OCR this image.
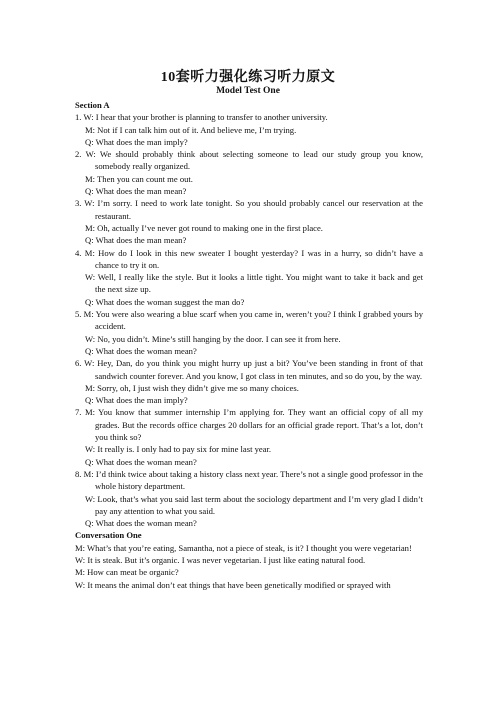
10套听力强化练习听力原文
Model Test One
Section A
1. W: I hear that your brother is planning to transfer to another university.
M: Not if I can talk him out of it. And believe me, I’m trying.
Q: What does the man imply?
2. W: We should probably think about selecting someone to lead our study group you know, somebody really organized.
M: Then you can count me out.
Q: What does the man mean?
3. W: I’m sorry. I need to work late tonight. So you should probably cancel our reservation at the restaurant.
M: Oh, actually I’ve never got round to making one in the first place.
Q: What does the man mean?
4. M: How do I look in this new sweater I bought yesterday? I was in a hurry, so didn’t have a chance to try it on.
W: Well, I really like the style. But it looks a little tight. You might want to take it back and get the next size up.
Q: What does the woman suggest the man do?
5. M: You were also wearing a blue scarf when you came in, weren’t you? I think I grabbed yours by accident.
W: No, you didn’t. Mine’s still hanging by the door. I can see it from here.
Q: What does the woman mean?
6. W: Hey, Dan, do you think you might hurry up just a bit? You’ve been standing in front of that sandwich counter forever. And you know, I got class in ten minutes, and so do you, by the way.
M: Sorry, oh, I just wish they didn’t give me so many choices.
Q: What does the man imply?
7. M: You know that summer internship I’m applying for. They want an official copy of all my grades. But the records office charges 20 dollars for an official grade report. That’s a lot, don’t you think so?
W: It really is. I only had to pay six for mine last year.
Q: What does the woman mean?
8. M: I’d think twice about taking a history class next year. There’s not a single good professor in the whole history department.
W: Look, that’s what you said last term about the sociology department and I’m very glad I didn’t pay any attention to what you said.
Q: What does the woman mean?
Conversation One
M: What’s that you’re eating, Samantha, not a piece of steak, is it? I thought you were vegetarian!
W: It is steak. But it’s organic. I was never vegetarian. I just like eating natural food.
M: How can meat be organic?
W: It means the animal don’t eat things that have been genetically modified or sprayed with
